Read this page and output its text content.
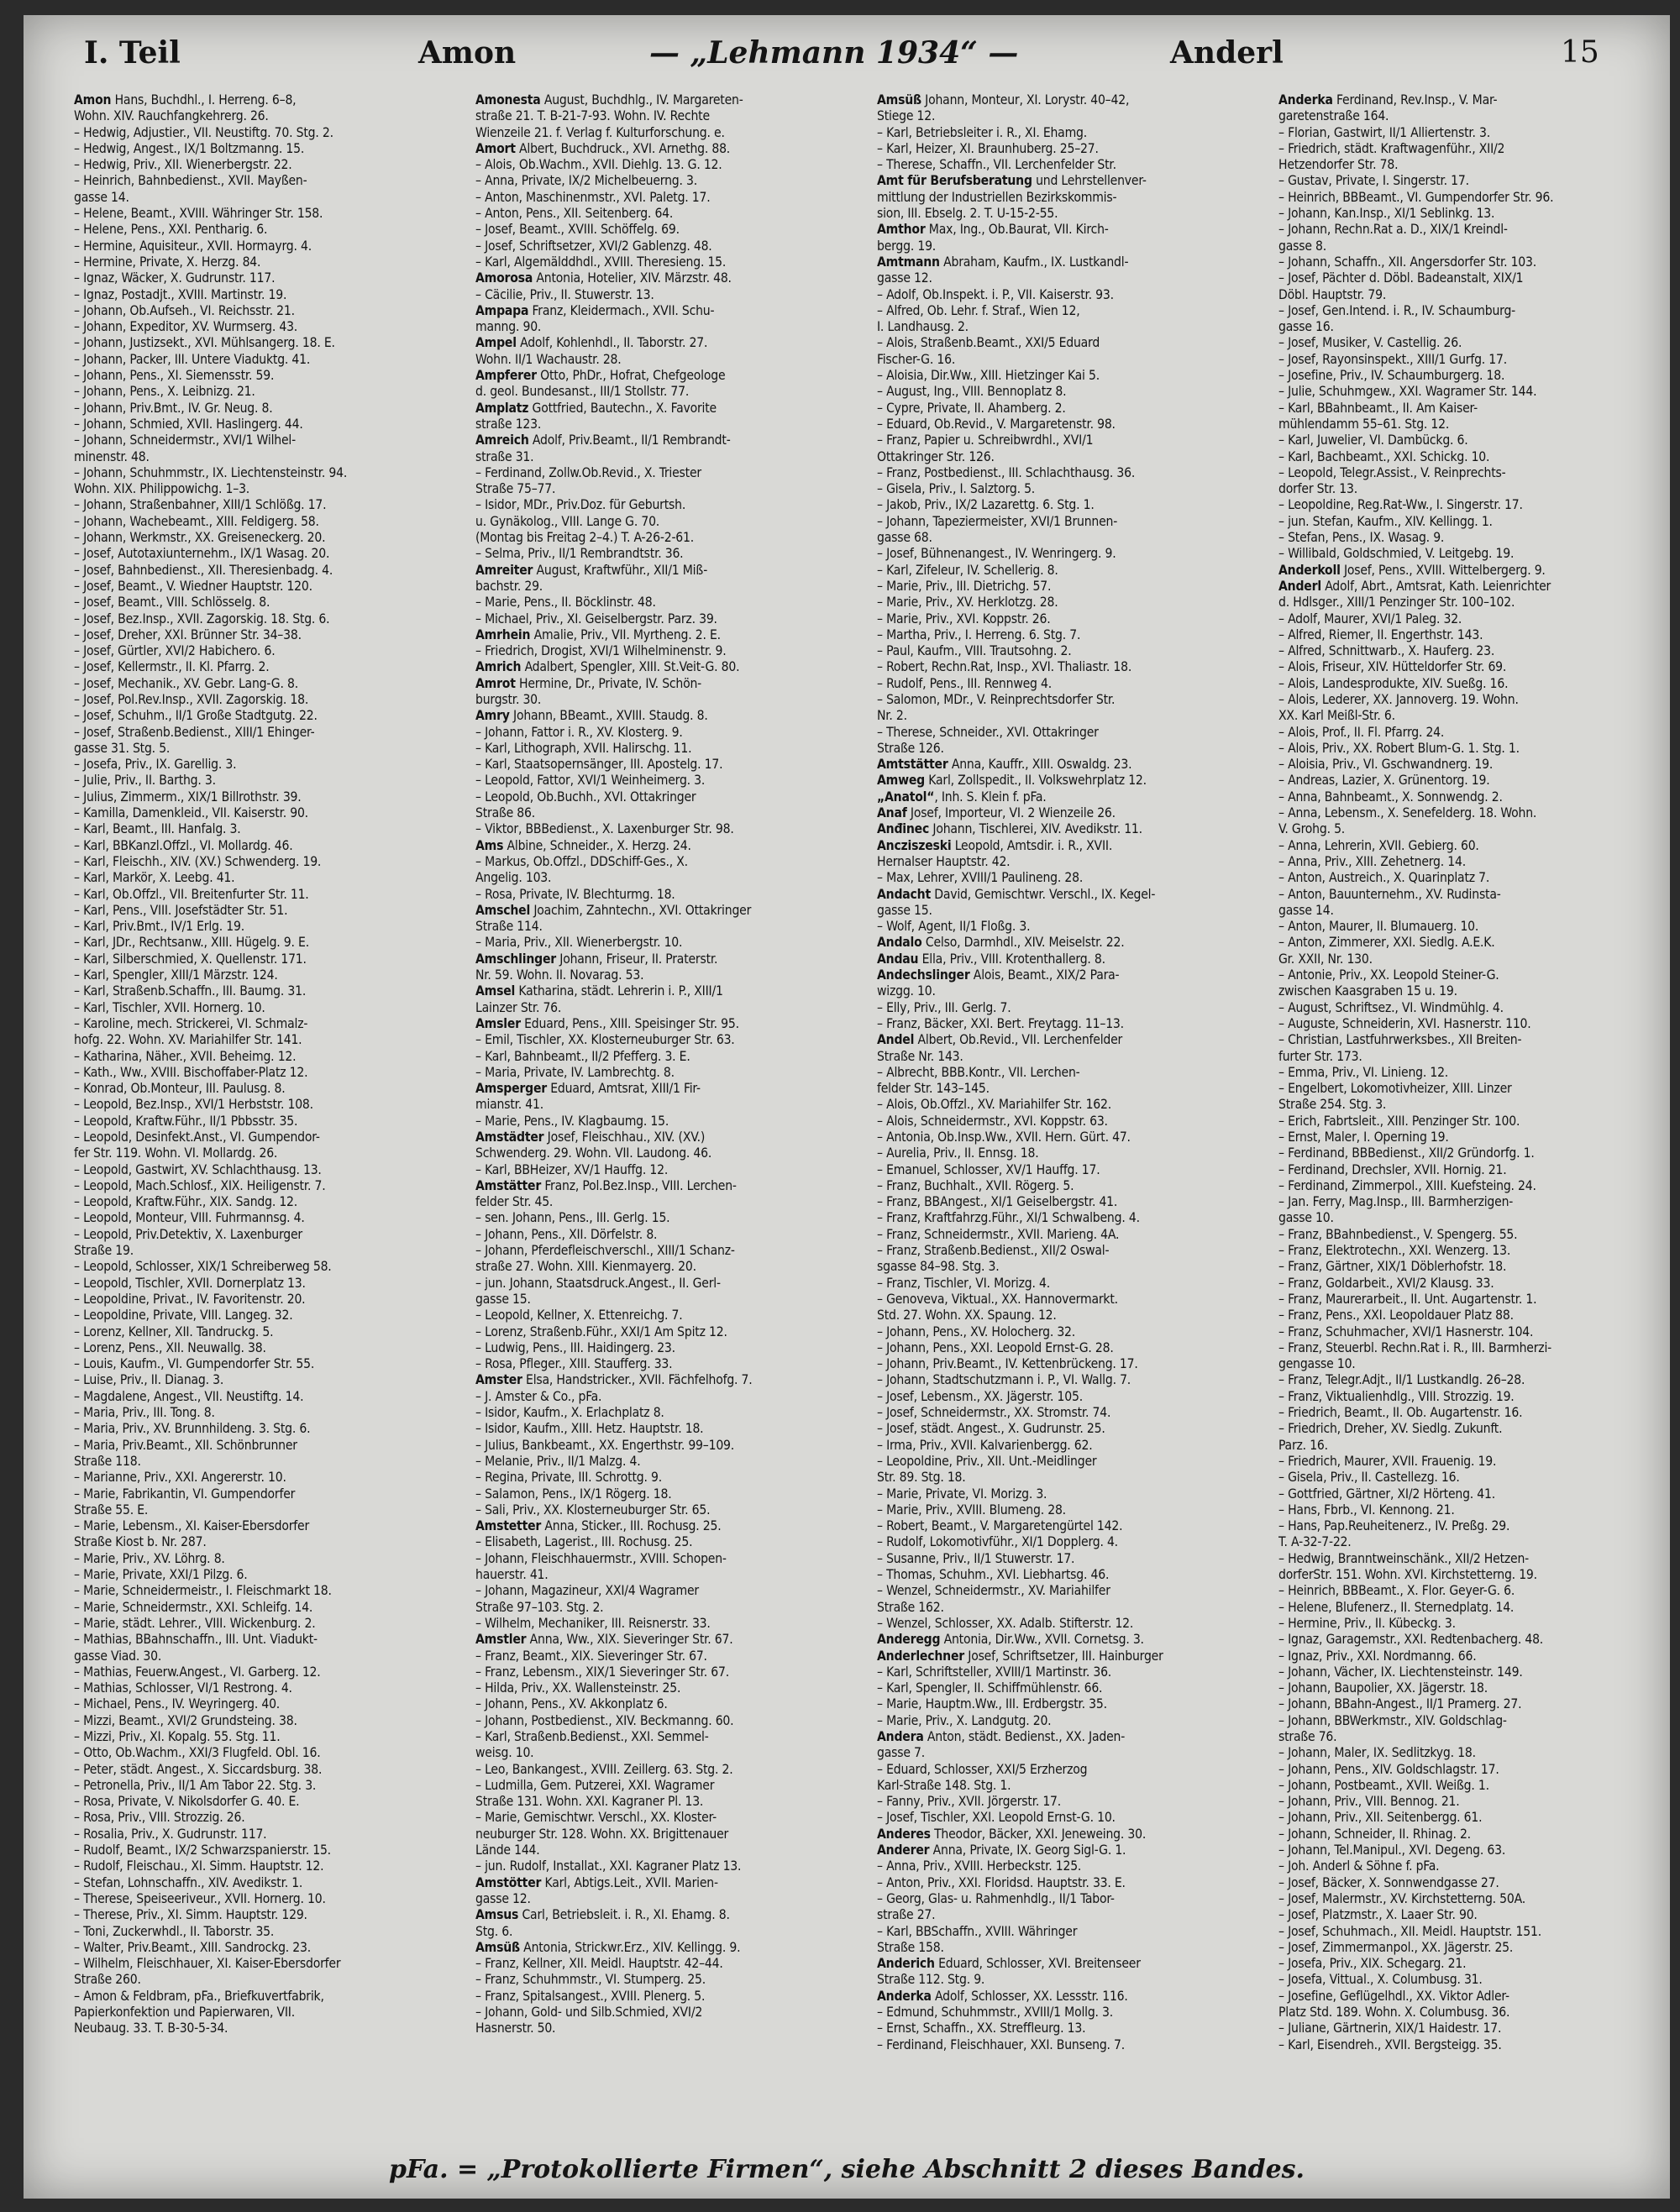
I. Teil	Amon	— „Lehmann 1934“ —	Anderl	15
Amon Hans, Buchdhl., I. Herreng. 6–8,
Wohn. XIV. Rauchfangkehrerg. 26.
– Hedwig, Adjustier., VII. Neustiftg. 70. Stg. 2.
– Hedwig, Angest., IX/1 Boltzmanng. 15.
– Hedwig, Priv., XII. Wienerbergstr. 22.
– Heinrich, Bahnbedienst., XVII. Mayßen-
gasse 14.
– Helene, Beamt., XVIII. Währinger Str. 158.
– Helene, Pens., XXI. Pentharig. 6.
– Hermine, Aquisiteur., XVII. Hormayrg. 4.
– Hermine, Private, X. Herzg. 84.
– Ignaz, Wäcker, X. Gudrunstr. 117.
– Ignaz, Postadjt., XVIII. Martinstr. 19.
– Johann, Ob.Aufseh., VI. Reichsstr. 21.
– Johann, Expeditor, XV. Wurmserg. 43.
– Johann, Justizsekt., XVI. Mühlsangerg. 18. E.
– Johann, Packer, III. Untere Viaduktg. 41.
– Johann, Pens., XI. Siemensstr. 59.
– Johann, Pens., X. Leibnizg. 21.
– Johann, Priv.Bmt., IV. Gr. Neug. 8.
– Johann, Schmied, XVII. Haslingerg. 44.
– Johann, Schneidermstr., XVI/1 Wilhel-
minenstr. 48.
– Johann, Schuhmmstr., IX. Liechtensteinstr. 94.
Wohn. XIX. Philippowichg. 1–3.
– Johann, Straßenbahner, XIII/1 Schlößg. 17.
– Johann, Wachebeamt., XIII. Feldigerg. 58.
– Johann, Werkmstr., XX. Greiseneckerg. 20.
– Josef, Autotaxiunternehm., IX/1 Wasag. 20.
– Josef, Bahnbedienst., XII. Theresienbadg. 4.
– Josef, Beamt., V. Wiedner Hauptstr. 120.
– Josef, Beamt., VIII. Schlösselg. 8.
– Josef, Bez.Insp., XVII. Zagorskig. 18. Stg. 6.
– Josef, Dreher, XXI. Brünner Str. 34–38.
– Josef, Gürtler, XVI/2 Habichero. 6.
– Josef, Kellermstr., II. Kl. Pfarrg. 2.
– Josef, Mechanik., XV. Gebr. Lang-G. 8.
– Josef, Pol.Rev.Insp., XVII. Zagorskig. 18.
– Josef, Schuhm., II/1 Große Stadtgutg. 22.
– Josef, Straßenb.Bedienst., XIII/1 Ehinger-
gasse 31. Stg. 5.
– Josefa, Priv., IX. Garellig. 3.
– Julie, Priv., II. Barthg. 3.
– Julius, Zimmerm., XIX/1 Billrothstr. 39.
– Kamilla, Damenkleid., VII. Kaiserstr. 90.
– Karl, Beamt., III. Hanfalg. 3.
– Karl, BBKanzl.Offzl., VI. Mollardg. 46.
– Karl, Fleischh., XIV. (XV.) Schwenderg. 19.
– Karl, Markör, X. Leebg. 41.
– Karl, Ob.Offzl., VII. Breitenfurter Str. 11.
– Karl, Pens., VIII. Josefstädter Str. 51.
– Karl, Priv.Bmt., IV/1 Erlg. 19.
– Karl, JDr., Rechtsanw., XIII. Hügelg. 9. E.
– Karl, Silberschmied, X. Quellenstr. 171.
– Karl, Spengler, XIII/1 Märzstr. 124.
– Karl, Straßenb.Schaffn., III. Baumg. 31.
– Karl, Tischler, XVII. Hornerg. 10.
– Karoline, mech. Strickerei, VI. Schmalz-
hofg. 22. Wohn. XV. Mariahilfer Str. 141.
– Katharina, Näher., XVII. Beheimg. 12.
– Kath., Ww., XVIII. Bischoffaber-Platz 12.
– Konrad, Ob.Monteur, III. Paulusg. 8.
– Leopold, Bez.Insp., XVI/1 Herbststr. 108.
– Leopold, Kraftw.Führ., II/1 Pbbsstr. 35.
– Leopold, Desinfekt.Anst., VI. Gumpendor-
fer Str. 119. Wohn. VI. Mollardg. 26.
– Leopold, Gastwirt, XV. Schlachthausg. 13.
– Leopold, Mach.Schlosf., XIX. Heiligenstr. 7.
– Leopold, Kraftw.Führ., XIX. Sandg. 12.
– Leopold, Monteur, VIII. Fuhrmannsg. 4.
– Leopold, Priv.Detektiv, X. Laxenburger
Straße 19.
– Leopold, Schlosser, XIX/1 Schreiberweg 58.
– Leopold, Tischler, XVII. Dornerplatz 13.
– Leopoldine, Privat., IV. Favoritenstr. 20.
– Leopoldine, Private, VIII. Langeg. 32.
– Lorenz, Kellner, XII. Tandruckg. 5.
– Lorenz, Pens., XII. Neuwallg. 38.
– Louis, Kaufm., VI. Gumpendorfer Str. 55.
– Luise, Priv., II. Dianag. 3.
– Magdalene, Angest., VII. Neustiftg. 14.
– Maria, Priv., III. Tong. 8.
– Maria, Priv., XV. Brunnhildeng. 3. Stg. 6.
– Maria, Priv.Beamt., XII. Schönbrunner
Straße 118.
– Marianne, Priv., XXI. Angererstr. 10.
– Marie, Fabrikantin, VI. Gumpendorfer
Straße 55. E.
– Marie, Lebensm., XI. Kaiser-Ebersdorfer
Straße Kiost b. Nr. 287.
– Marie, Priv., XV. Löhrg. 8.
– Marie, Private, XXI/1 Pilzg. 6.
– Marie, Schneidermeistr., I. Fleischmarkt 18.
– Marie, Schneidermstr., XXI. Schleifg. 14.
– Marie, städt. Lehrer., VIII. Wickenburg. 2.
– Mathias, BBahnschaffn., III. Unt. Viadukt-
gasse Viad. 30.
– Mathias, Feuerw.Angest., VI. Garberg. 12.
– Mathias, Schlosser, VI/1 Restrong. 4.
– Michael, Pens., IV. Weyringerg. 40.
– Mizzi, Beamt., XVI/2 Grundsteing. 38.
– Mizzi, Priv., XI. Kopalg. 55. Stg. 11.
– Otto, Ob.Wachm., XXI/3 Flugfeld. Obl. 16.
– Peter, städt. Angest., X. Siccardsburg. 38.
– Petronella, Priv., II/1 Am Tabor 22. Stg. 3.
– Rosa, Private, V. Nikolsdorfer G. 40. E.
– Rosa, Priv., VIII. Strozzig. 26.
– Rosalia, Priv., X. Gudrunstr. 117.
– Rudolf, Beamt., IX/2 Schwarzspanierstr. 15.
– Rudolf, Fleischau., XI. Simm. Hauptstr. 12.
– Stefan, Lohnschaffn., XIV. Avedikstr. 1.
– Therese, Speiseeriveur., XVII. Hornerg. 10.
– Therese, Priv., XI. Simm. Hauptstr. 129.
– Toni, Zuckerwhdl., II. Taborstr. 35.
– Walter, Priv.Beamt., XIII. Sandrockg. 23.
– Wilhelm, Fleischhauer, XI. Kaiser-Ebersdorfer
Straße 260.
– Amon & Feldbram, pFa., Briefkuvertfabrik,
Papierkonfektion und Papierwaren, VII.
Neubaug. 33. T. B-30-5-34.
Amonesta August, Buchdhlg., IV. Margareten-
straße 21. T. B-21-7-93. Wohn. IV. Rechte
Wienzeile 21. f. Verlag f. Kulturforschung. e.
Amort Albert, Buchdruck., XVI. Arnethg. 88.
– Alois, Ob.Wachm., XVII. Diehlg. 13. G. 12.
– Anna, Private, IX/2 Michelbeuerng. 3.
– Anton, Maschinenmstr., XVI. Paletg. 17.
– Anton, Pens., XII. Seitenberg. 64.
– Josef, Beamt., XVIII. Schöffelg. 69.
– Josef, Schriftsetzer, XVI/2 Gablenzg. 48.
– Karl, Algemälddhdl., XVIII. Theresieng. 15.
Amorosa Antonia, Hotelier, XIV. Märzstr. 48.
– Cäcilie, Priv., II. Stuwerstr. 13.
Ampapa Franz, Kleidermach., XVII. Schu-
manng. 90.
Ampel Adolf, Kohlenhdl., II. Taborstr. 27.
Wohn. II/1 Wachaustr. 28.
Ampferer Otto, PhDr., Hofrat, Chefgeologe
d. geol. Bundesanst., III/1 Stollstr. 77.
Amplatz Gottfried, Bautechn., X. Favorite
straße 123.
Amreich Adolf, Priv.Beamt., II/1 Rembrandt-
straße 31.
– Ferdinand, Zollw.Ob.Revid., X. Triester
Straße 75–77.
– Isidor, MDr., Priv.Doz. für Geburtsh.
u. Gynäkolog., VIII. Lange G. 70.
(Montag bis Freitag 2–4.) T. A-26-2-61.
– Selma, Priv., II/1 Rembrandtstr. 36.
Amreiter August, Kraftwführ., XII/1 Miß-
bachstr. 29.
– Marie, Pens., II. Böcklinstr. 48.
– Michael, Priv., XI. Geiselbergstr. Parz. 39.
Amrhein Amalie, Priv., VII. Myrtheng. 2. E.
– Friedrich, Drogist, XVI/1 Wilhelminenstr. 9.
Amrich Adalbert, Spengler, XIII. St.Veit-G. 80.
Amrot Hermine, Dr., Private, IV. Schön-
burgstr. 30.
Amry Johann, BBeamt., XVIII. Staudg. 8.
– Johann, Fattor i. R., XV. Klosterg. 9.
– Karl, Lithograph, XVII. Halirschg. 11.
– Karl, Staatsopernsänger, III. Apostelg. 17.
– Leopold, Fattor, XVI/1 Weinheimerg. 3.
– Leopold, Ob.Buchh., XVI. Ottakringer
Straße 86.
– Viktor, BBBedienst., X. Laxenburger Str. 98.
Ams Albine, Schneider., X. Herzg. 24.
– Markus, Ob.Offzl., DDSchiff-Ges., X.
Angelig. 103.
– Rosa, Private, IV. Blechturmg. 18.
Amschel Joachim, Zahntechn., XVI. Ottakringer
Straße 114.
– Maria, Priv., XII. Wienerbergstr. 10.
Amschlinger Johann, Friseur, II. Praterstr.
Nr. 59. Wohn. II. Novarag. 53.
Amsel Katharina, städt. Lehrerin i. P., XIII/1
Lainzer Str. 76.
Amsler Eduard, Pens., XIII. Speisinger Str. 95.
– Emil, Tischler, XX. Klosterneuburger Str. 63.
– Karl, Bahnbeamt., II/2 Pfefferg. 3. E.
– Maria, Private, IV. Lambrechtg. 8.
Amsperger Eduard, Amtsrat, XIII/1 Fir-
mianstr. 41.
– Marie, Pens., IV. Klagbaumg. 15.
Amstädter Josef, Fleischhau., XIV. (XV.)
Schwenderg. 29. Wohn. VII. Laudong. 46.
– Karl, BBHeizer, XV/1 Hauffg. 12.
Amstätter Franz, Pol.Bez.Insp., VIII. Lerchen-
felder Str. 45.
– sen. Johann, Pens., III. Gerlg. 15.
– Johann, Pens., XII. Dörfelstr. 8.
– Johann, Pferdefleischverschl., XIII/1 Schanz-
straße 27. Wohn. XIII. Kienmayerg. 20.
– jun. Johann, Staatsdruck.Angest., II. Gerl-
gasse 15.
– Leopold, Kellner, X. Ettenreichg. 7.
– Lorenz, Straßenb.Führ., XXI/1 Am Spitz 12.
– Ludwig, Pens., III. Haidingerg. 23.
– Rosa, Pfleger., XIII. Staufferg. 33.
Amster Elsa, Handstricker., XVII. Fächfelhofg. 7.
– J. Amster & Co., pFa.
– Isidor, Kaufm., X. Erlachplatz 8.
– Isidor, Kaufm., XIII. Hetz. Hauptstr. 18.
– Julius, Bankbeamt., XX. Engerthstr. 99–109.
– Melanie, Priv., II/1 Malzg. 4.
– Regina, Private, III. Schrottg. 9.
– Salamon, Pens., IX/1 Rögerg. 18.
– Sali, Priv., XX. Klosterneuburger Str. 65.
Amstetter Anna, Sticker., III. Rochusg. 25.
– Elisabeth, Lagerist., III. Rochusg. 25.
– Johann, Fleischhauermstr., XVIII. Schopen-
hauerstr. 41.
– Johann, Magazineur, XXI/4 Wagramer
Straße 97–103. Stg. 2.
– Wilhelm, Mechaniker, III. Reisnerstr. 33.
Amstler Anna, Ww., XIX. Sieveringer Str. 67.
– Franz, Beamt., XIX. Sieveringer Str. 67.
– Franz, Lebensm., XIX/1 Sieveringer Str. 67.
– Hilda, Priv., XX. Wallensteinstr. 25.
– Johann, Pens., XV. Akkonplatz 6.
– Johann, Postbedienst., XIV. Beckmanng. 60.
– Karl, Straßenb.Bedienst., XXI. Semmel-
weisg. 10.
– Leo, Bankangest., XVIII. Zeillerg. 63. Stg. 2.
– Ludmilla, Gem. Putzerei, XXI. Wagramer
Straße 131. Wohn. XXI. Kagraner Pl. 13.
– Marie, Gemischtwr. Verschl., XX. Kloster-
neuburger Str. 128. Wohn. XX. Brigittenauer
Lände 144.
– jun. Rudolf, Installat., XXI. Kagraner Platz 13.
Amstötter Karl, Abtigs.Leit., XVII. Marien-
gasse 12.
Amsus Carl, Betriebsleit. i. R., XI. Ehamg. 8.
Stg. 6.
Amsüß Antonia, Strickwr.Erz., XIV. Kellingg. 9.
– Franz, Kellner, XII. Meidl. Hauptstr. 42–44.
– Franz, Schuhmmstr., VI. Stumperg. 25.
– Franz, Spitalsangest., XVIII. Plenerg. 5.
– Johann, Gold- und Silb.Schmied, XVI/2
Hasnerstr. 50.
Amsüß Johann, Monteur, XI. Lorystr. 40–42,
Stiege 12.
– Karl, Betriebsleiter i. R., XI. Ehamg.
– Karl, Heizer, XI. Braunhuberg. 25–27.
– Therese, Schaffn., VII. Lerchenfelder Str.
Amt für Berufsberatung und Lehrstellenver-
mittlung der Industriellen Bezirkskommis-
sion, III. Ebselg. 2. T. U-15-2-55.
Amthor Max, Ing., Ob.Baurat, VII. Kirch-
bergg. 19.
Amtmann Abraham, Kaufm., IX. Lustkandl-
gasse 12.
– Adolf, Ob.Inspekt. i. P., VII. Kaiserstr. 93.
– Alfred, Ob. Lehr. f. Straf., Wien 12,
I. Landhausg. 2.
– Alois, Straßenb.Beamt., XXI/5 Eduard
Fischer-G. 16.
– Aloisia, Dir.Ww., XIII. Hietzinger Kai 5.
– August, Ing., VIII. Bennoplatz 8.
– Cypre, Private, II. Ahamberg. 2.
– Eduard, Ob.Revid., V. Margaretenstr. 98.
– Franz, Papier u. Schreibwrdhl., XVI/1
Ottakringer Str. 126.
– Franz, Postbedienst., III. Schlachthausg. 36.
– Gisela, Priv., I. Salztorg. 5.
– Jakob, Priv., IX/2 Lazarettg. 6. Stg. 1.
– Johann, Tapeziermeister, XVI/1 Brunnen-
gasse 68.
– Josef, Bühnenangest., IV. Wenringerg. 9.
– Karl, Zifeleur, IV. Schellerig. 8.
– Marie, Priv., III. Dietrichg. 57.
– Marie, Priv., XV. Herklotzg. 28.
– Marie, Priv., XVI. Koppstr. 26.
– Martha, Priv., I. Herreng. 6. Stg. 7.
– Paul, Kaufm., VIII. Trautsohng. 2.
– Robert, Rechn.Rat, Insp., XVI. Thaliastr. 18.
– Rudolf, Pens., III. Rennweg 4.
– Salomon, MDr., V. Reinprechtsdorfer Str.
Nr. 2.
– Therese, Schneider., XVI. Ottakringer
Straße 126.
Amtstätter Anna, Kauffr., XIII. Oswaldg. 23.
Amweg Karl, Zollspedit., II. Volkswehrplatz 12.
„Anatol“, Inh. S. Klein f. pFa.
Anaf Josef, Importeur, VI. 2 Wienzeile 26.
Anđinec Johann, Tischlerei, XIV. Avedikstr. 11.
Ancziszeski Leopold, Amtsdir. i. R., XVII.
Hernalser Hauptstr. 42.
– Max, Lehrer, XVIII/1 Paulineng. 28.
Andacht David, Gemischtwr. Verschl., IX. Kegel-
gasse 15.
– Wolf, Agent, II/1 Floßg. 3.
Andalo Celso, Darmhdl., XIV. Meiselstr. 22.
Andau Ella, Priv., VIII. Krotenthallerg. 8.
Andechslinger Alois, Beamt., XIX/2 Para-
wizgg. 10.
– Elly, Priv., III. Gerlg. 7.
– Franz, Bäcker, XXI. Bert. Freytagg. 11–13.
Andel Albert, Ob.Revid., VII. Lerchenfelder
Straße Nr. 143.
– Albrecht, BBB.Kontr., VII. Lerchen-
felder Str. 143–145.
– Alois, Ob.Offzl., XV. Mariahilfer Str. 162.
– Alois, Schneidermstr., XVI. Koppstr. 63.
– Antonia, Ob.Insp.Ww., XVII. Hern. Gürt. 47.
– Aurelia, Priv., II. Ennsg. 18.
– Emanuel, Schlosser, XV/1 Hauffg. 17.
– Franz, Buchhalt., XVII. Rögerg. 5.
– Franz, BBAngest., XI/1 Geiselbergstr. 41.
– Franz, Kraftfahrzg.Führ., XI/1 Schwalbeng. 4.
– Franz, Schneidermstr., XVII. Marieng. 4A.
– Franz, Straßenb.Bedienst., XII/2 Oswal-
sgasse 84–98. Stg. 3.
– Franz, Tischler, VI. Morizg. 4.
– Genoveva, Viktual., XX. Hannovermarkt.
Std. 27. Wohn. XX. Spaung. 12.
– Johann, Pens., XV. Holocherg. 32.
– Johann, Pens., XXI. Leopold Ernst-G. 28.
– Johann, Priv.Beamt., IV. Kettenbrückeng. 17.
– Johann, Stadtschutzmann i. P., VI. Wallg. 7.
– Josef, Lebensm., XX. Jägerstr. 105.
– Josef, Schneidermstr., XX. Stromstr. 74.
– Josef, städt. Angest., X. Gudrunstr. 25.
– Irma, Priv., XVII. Kalvarienbergg. 62.
– Leopoldine, Priv., XII. Unt.-Meidlinger
Str. 89. Stg. 18.
– Marie, Private, VI. Morizg. 3.
– Marie, Priv., XVIII. Blumeng. 28.
– Robert, Beamt., V. Margaretengürtel 142.
– Rudolf, Lokomotivführ., XI/1 Dopplerg. 4.
– Susanne, Priv., II/1 Stuwerstr. 17.
– Thomas, Schuhm., XVI. Liebhartsg. 46.
– Wenzel, Schneidermstr., XV. Mariahilfer
Straße 162.
– Wenzel, Schlosser, XX. Adalb. Stifterstr. 12.
Anderegg Antonia, Dir.Ww., XVII. Cornetsg. 3.
Anderlechner Josef, Schriftsetzer, III. Hainburger
– Karl, Schriftsteller, XVIII/1 Martinstr. 36.
– Karl, Spengler, II. Schiffmühlenstr. 66.
– Marie, Hauptm.Ww., III. Erdbergstr. 35.
– Marie, Priv., X. Landgutg. 20.
Andera Anton, städt. Bedienst., XX. Jaden-
gasse 7.
– Eduard, Schlosser, XXI/5 Erzherzog
Karl-Straße 148. Stg. 1.
– Fanny, Priv., XVII. Jörgerstr. 17.
– Josef, Tischler, XXI. Leopold Ernst-G. 10.
Anderes Theodor, Bäcker, XXI. Jeneweing. 30.
Anderer Anna, Private, IX. Georg Sigl-G. 1.
– Anna, Priv., XVIII. Herbeckstr. 125.
– Anton, Priv., XXI. Floridsd. Hauptstr. 33. E.
– Georg, Glas- u. Rahmenhdlg., II/1 Tabor-
straße 27.
– Karl, BBSchaffn., XVIII. Währinger
Straße 158.
Anderich Eduard, Schlosser, XVI. Breitenseer
Straße 112. Stg. 9.
Anderka Adolf, Schlosser, XX. Lessstr. 116.
– Edmund, Schuhmmstr., XVIII/1 Mollg. 3.
– Ernst, Schaffn., XX. Streffleurg. 13.
– Ferdinand, Fleischhauer, XXI. Bunseng. 7.
Anderka Ferdinand, Rev.Insp., V. Mar-
garetenstraße 164.
– Florian, Gastwirt, II/1 Alliertenstr. 3.
– Friedrich, städt. Kraftwagenführ., XII/2
Hetzendorfer Str. 78.
– Gustav, Private, I. Singerstr. 17.
– Heinrich, BBBeamt., VI. Gumpendorfer Str. 96.
– Johann, Kan.Insp., XI/1 Seblinkg. 13.
– Johann, Rechn.Rat a. D., XIX/1 Kreindl-
gasse 8.
– Johann, Schaffn., XII. Angersdorfer Str. 103.
– Josef, Pächter d. Döbl. Badeanstalt, XIX/1
Döbl. Hauptstr. 79.
– Josef, Gen.Intend. i. R., IV. Schaumburg-
gasse 16.
– Josef, Musiker, V. Castellig. 26.
– Josef, Rayonsinspekt., XIII/1 Gurfg. 17.
– Josefine, Priv., IV. Schaumburgerg. 18.
– Julie, Schuhmgew., XXI. Wagramer Str. 144.
– Karl, BBahnbeamt., II. Am Kaiser-
mühlendamm 55–61. Stg. 12.
– Karl, Juwelier, VI. Dambückg. 6.
– Karl, Bachbeamt., XXI. Schickg. 10.
– Leopold, Telegr.Assist., V. Reinprechts-
dorfer Str. 13.
– Leopoldine, Reg.Rat-Ww., I. Singerstr. 17.
– jun. Stefan, Kaufm., XIV. Kellingg. 1.
– Stefan, Pens., IX. Wasag. 9.
– Willibald, Goldschmied, V. Leitgebg. 19.
Anderkoll Josef, Pens., XVIII. Wittelbergerg. 9.
Anderl Adolf, Abrt., Amtsrat, Kath. Leienrichter
d. Hdlsger., XIII/1 Penzinger Str. 100–102.
– Adolf, Maurer, XVI/1 Paleg. 32.
– Alfred, Riemer, II. Engerthstr. 143.
– Alfred, Schnittwarb., X. Hauferg. 23.
– Alois, Friseur, XIV. Hütteldorfer Str. 69.
– Alois, Landesprodukte, XIV. Sueßg. 16.
– Alois, Lederer, XX. Jannoverg. 19. Wohn.
XX. Karl Meißl-Str. 6.
– Alois, Prof., II. Fl. Pfarrg. 24.
– Alois, Priv., XX. Robert Blum-G. 1. Stg. 1.
– Aloisia, Priv., VI. Gschwandnerg. 19.
– Andreas, Lazier, X. Grünentorg. 19.
– Anna, Bahnbeamt., X. Sonnwendg. 2.
– Anna, Lebensm., X. Senefelderg. 18. Wohn.
V. Grohg. 5.
– Anna, Lehrerin, XVII. Gebierg. 60.
– Anna, Priv., XIII. Zehetnerg. 14.
– Anton, Austreich., X. Quarinplatz 7.
– Anton, Bauunternehm., XV. Rudinsta-
gasse 14.
– Anton, Maurer, II. Blumauerg. 10.
– Anton, Zimmerer, XXI. Siedlg. A.E.K.
Gr. XXII, Nr. 130.
– Antonie, Priv., XX. Leopold Steiner-G.
zwischen Kaasgraben 15 u. 19.
– August, Schriftsez., VI. Windmühlg. 4.
– Auguste, Schneiderin, XVI. Hasnerstr. 110.
– Christian, Lastfuhrwerksbes., XII Breiten-
furter Str. 173.
– Emma, Priv., VI. Linieng. 12.
– Engelbert, Lokomotivheizer, XIII. Linzer
Straße 254. Stg. 3.
– Erich, Fabrtsleit., XIII. Penzinger Str. 100.
– Ernst, Maler, I. Operning 19.
– Ferdinand, BBBedienst., XII/2 Gründorfg. 1.
– Ferdinand, Drechsler, XVII. Hornig. 21.
– Ferdinand, Zimmerpol., XIII. Kuefsteing. 24.
– Jan. Ferry, Mag.Insp., III. Barmherzigen-
gasse 10.
– Franz, BBahnbedienst., V. Spengerg. 55.
– Franz, Elektrotechn., XXI. Wenzerg. 13.
– Franz, Gärtner, XIX/1 Döblerhofstr. 18.
– Franz, Goldarbeit., XVI/2 Klausg. 33.
– Franz, Maurerarbeit., II. Unt. Augartenstr. 1.
– Franz, Pens., XXI. Leopoldauer Platz 88.
– Franz, Schuhmacher, XVI/1 Hasnerstr. 104.
– Franz, Steuerbl. Rechn.Rat i. R., III. Barmherzi-
gengasse 10.
– Franz, Telegr.Adjt., II/1 Lustkandlg. 26–28.
– Franz, Viktualienhdlg., VIII. Strozzig. 19.
– Friedrich, Beamt., II. Ob. Augartenstr. 16.
– Friedrich, Dreher, XV. Siedlg. Zukunft.
Parz. 16.
– Friedrich, Maurer, XVII. Frauenig. 19.
– Gisela, Priv., II. Castellezg. 16.
– Gottfried, Gärtner, XI/2 Hörteng. 41.
– Hans, Fbrb., VI. Kennong. 21.
– Hans, Pap.Reuheitenerz., IV. Preßg. 29.
T. A-32-7-22.
– Hedwig, Branntweinschänk., XII/2 Hetzen-
dorferStr. 151. Wohn. XVI. Kirchstetterng. 19.
– Heinrich, BBBeamt., X. Flor. Geyer-G. 6.
– Helene, Blufenerz., II. Sternedplatg. 14.
– Hermine, Priv., II. Kübeckg. 3.
– Ignaz, Garagemstr., XXI. Redtenbacherg. 48.
– Ignaz, Priv., XXI. Nordmanng. 66.
– Johann, Vächer, IX. Liechtensteinstr. 149.
– Johann, Baupolier, XX. Jägerstr. 18.
– Johann, BBahn-Angest., II/1 Pramerg. 27.
– Johann, BBWerkmstr., XIV. Goldschlag-
straße 76.
– Johann, Maler, IX. Sedlitzkyg. 18.
– Johann, Pens., XIV. Goldschlagstr. 17.
– Johann, Postbeamt., XVII. Weißg. 1.
– Johann, Priv., VIII. Bennog. 21.
– Johann, Priv., XII. Seitenbergg. 61.
– Johann, Schneider, II. Rhinag. 2.
– Johann, Tel.Manipul., XVI. Degeng. 63.
– Joh. Anderl & Söhne f. pFa.
– Josef, Bäcker, X. Sonnwendgasse 27.
– Josef, Malermstr., XV. Kirchstetterng. 50A.
– Josef, Platzmstr., X. Laaer Str. 90.
– Josef, Schuhmach., XII. Meidl. Hauptstr. 151.
– Josef, Zimmermanpol., XX. Jägerstr. 25.
– Josefa, Priv., XIX. Schegarg. 21.
– Josefa, Vittual., X. Columbusg. 31.
– Josefine, Geflügelhdl., XX. Viktor Adler-
Platz Std. 189. Wohn. X. Columbusg. 36.
– Juliane, Gärtnerin, XIX/1 Haidestr. 17.
– Karl, Eisendreh., XVII. Bergsteigg. 35.
pFa. = „Protokollierte Firmen“, siehe Abschnitt 2 dieses Bandes.
